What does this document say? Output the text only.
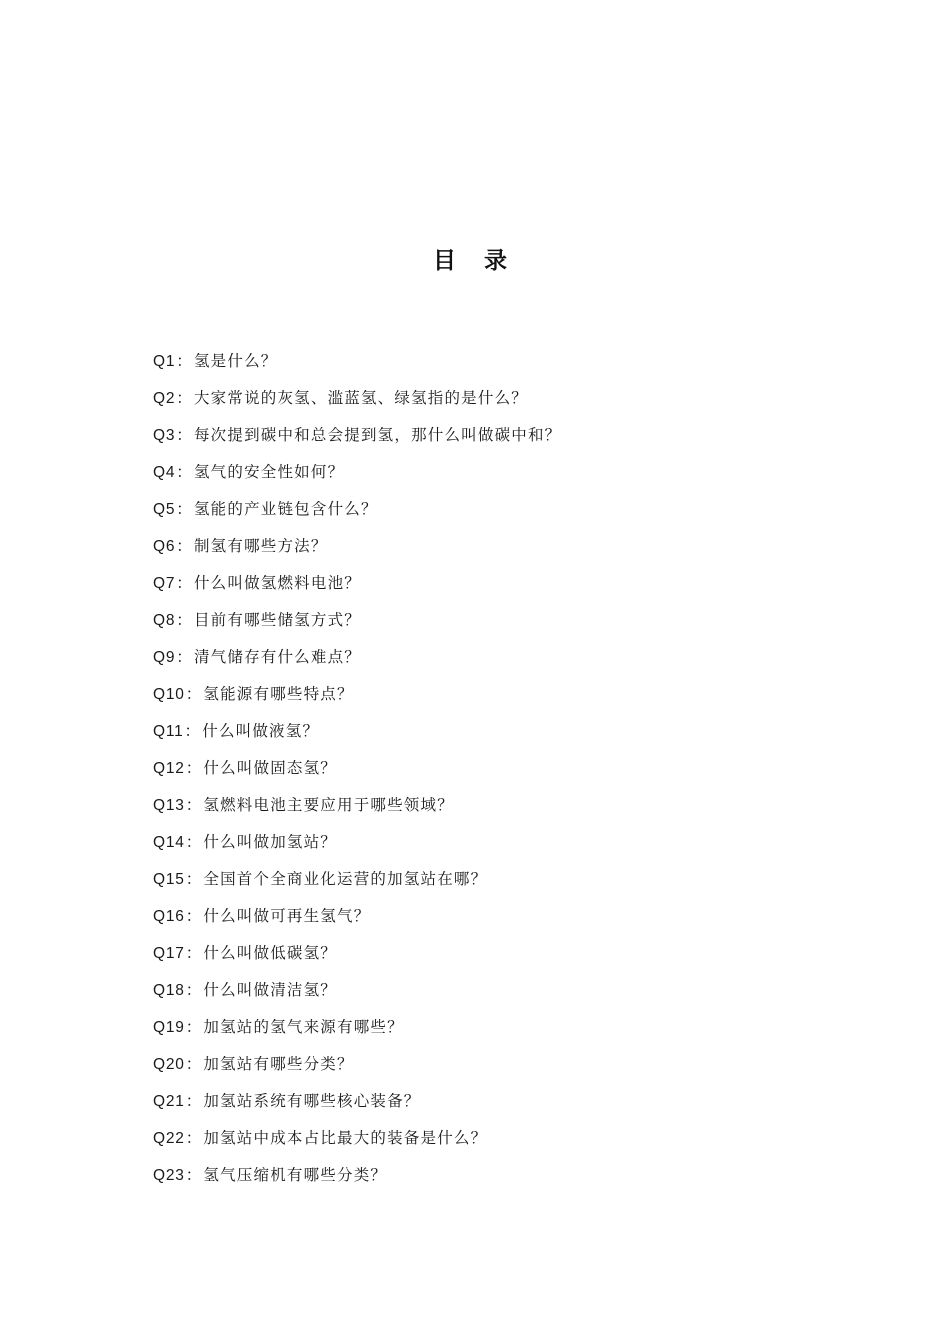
目 录
Q1：氢是什么？
Q2：大家常说的灰氢、滥蓝氢、绿氢指的是什么？
Q3：每次提到碳中和总会提到氢，那什么叫做碳中和？
Q4：氢气的安全性如何？
Q5：氢能的产业链包含什么？
Q6：制氢有哪些方法？
Q7：什么叫做氢燃料电池？
Q8：目前有哪些储氢方式？
Q9：清气储存有什么难点？
Q10：氢能源有哪些特点？
Q11：什么叫做液氢？
Q12：什么叫做固态氢？
Q13：氢燃料电池主要应用于哪些领域？
Q14：什么叫做加氢站？
Q15：全国首个全商业化运营的加氢站在哪？
Q16：什么叫做可再生氢气？
Q17：什么叫做低碳氢？
Q18：什么叫做清洁氢？
Q19：加氢站的氢气来源有哪些？
Q20：加氢站有哪些分类？
Q21：加氢站系统有哪些核心装备？
Q22：加氢站中成本占比最大的装备是什么？
Q23：氢气压缩机有哪些分类？
